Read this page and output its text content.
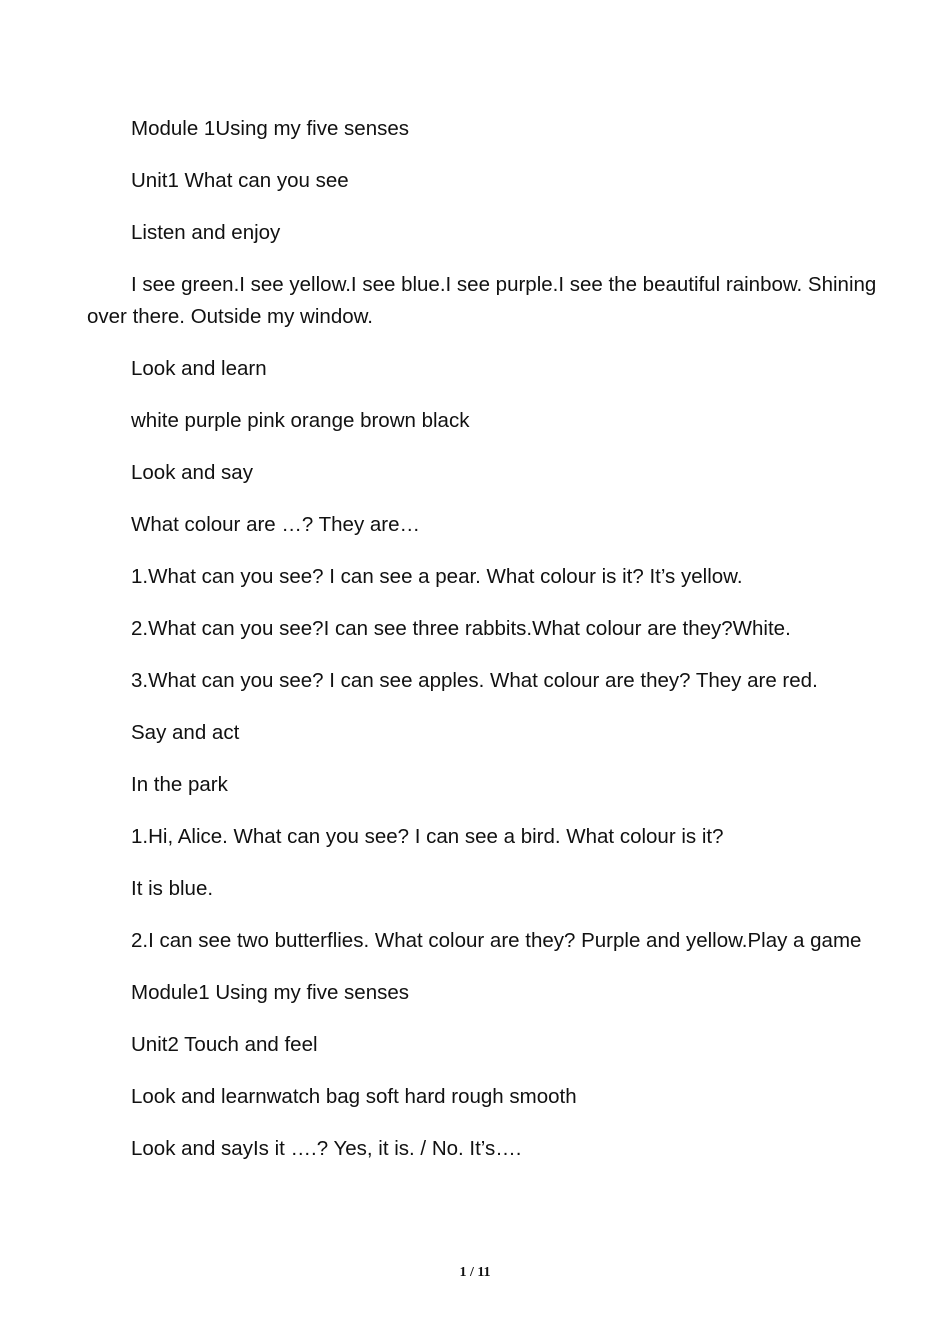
Module 1Using my five senses

Unit1 What can you see

Listen and enjoy

I see green.I see yellow.I see blue.I see purple.I see the beautiful rainbow. Shining over there. Outside my window.

Look and learn

white purple pink orange brown black

Look and say

What colour are …? They are…

1.What can you see? I can see a pear. What colour is it? It’s yellow.

2.What can you see?I can see three rabbits.What colour are they?White.

3.What can you see? I can see apples. What colour are they? They are red.

Say and act

In the park

1.Hi, Alice. What can you see? I can see a bird. What colour is it?

It is blue.

2.I can see two butterflies. What colour are they? Purple and yellow.Play a game

Module1 Using my five senses

Unit2 Touch and feel

Look and learnwatch bag soft hard rough smooth

Look and sayIs it ….? Yes, it is. / No. It’s….

1 / 11
